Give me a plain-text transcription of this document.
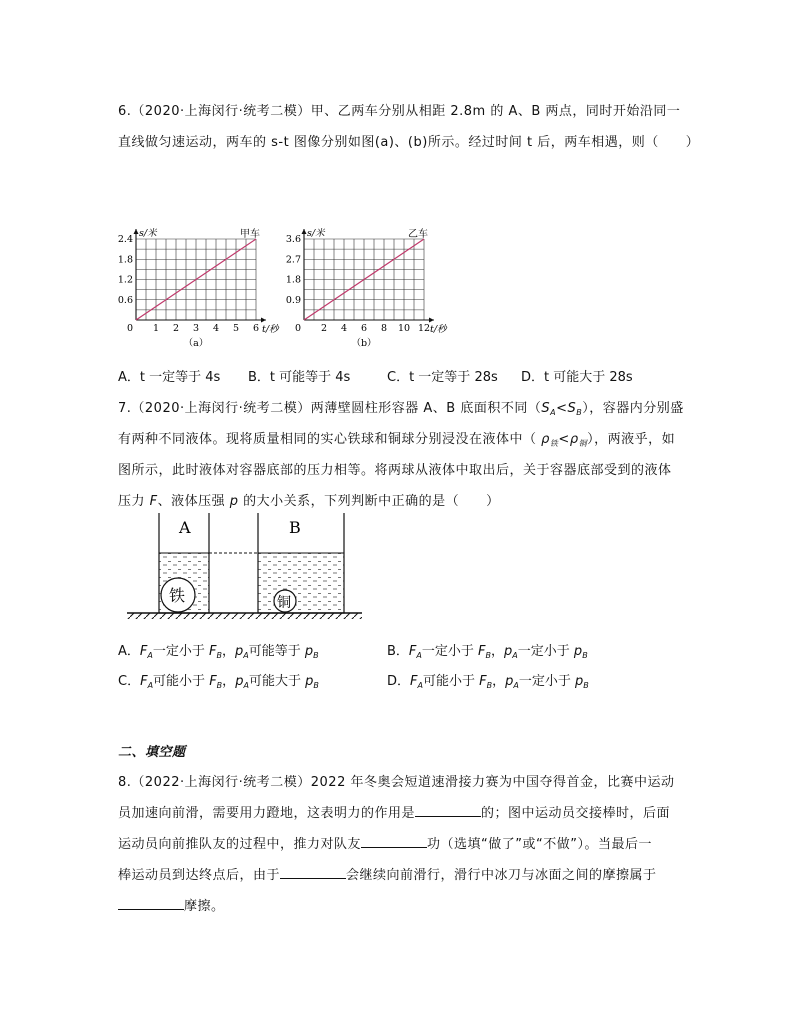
6.（2020·上海闵行·统考二模）甲、乙两车分别从相距 2.8m 的 A、B 两点，同时开始沿同一
直线做匀速运动，两车的 s-t 图像分别如图(a)、(b)所示。经过时间 t 后，两车相遇，则（　　）
甲车
1 2 3 4 5 6
0.6
1.2
1.8
2.4
0
s/米
t/秒
（a）
乙车
2 4 6 8 10 12
0.9
1.8
2.7
3.6
0
s/米
t/秒
（b）
A．t 一定等于 4s B．t 可能等于 4s	C．t 一定等于 28s D．t 可能大于 28s
7.（2020·上海闵行·统考二模）两薄壁圆柱形容器 A、B 底面积不同$(S_A<S_B)$，容器内分别盛
有两种不同液体。现将质量相同的实心铁球和铜球分别浸没在液体中（ $\rho_铁<\rho_铜$），两液乎，如
图所示，此时液体对容器底部的压力相等。将两球从液体中取出后，关于容器底部受到的液体
压力 F、液体压强 p 的大小关系，下列判断中正确的是（　　）
A	B
铁	铜
A．$F_A$一定小于 $F_B$，$p_A$可能等于 $p_B$	B．$F_A$一定小于 $F_B$，$p_A$一定小于 $p_B$
C．$F_A$可能小于 $F_B$，$p_A$可能大于 $p_B$	D．$F_A$可能小于 $F_B$，$p_A$一定小于 $p_B$
二、填空题
8.（2022·上海闵行·统考二模）2022 年冬奥会短道速滑接力赛为中国夺得首金，比赛中运动
员加速向前滑，需要用力蹬地，这表明力的作用是	的；图中运动员交接棒时，后面
运动员向前推队友的过程中，推力对队友	功（选填“做了”或“不做”）。当最后一
棒运动员到达终点后，由于	会继续向前滑行，滑行中冰刀与冰面之间的摩擦属于
摩擦。
